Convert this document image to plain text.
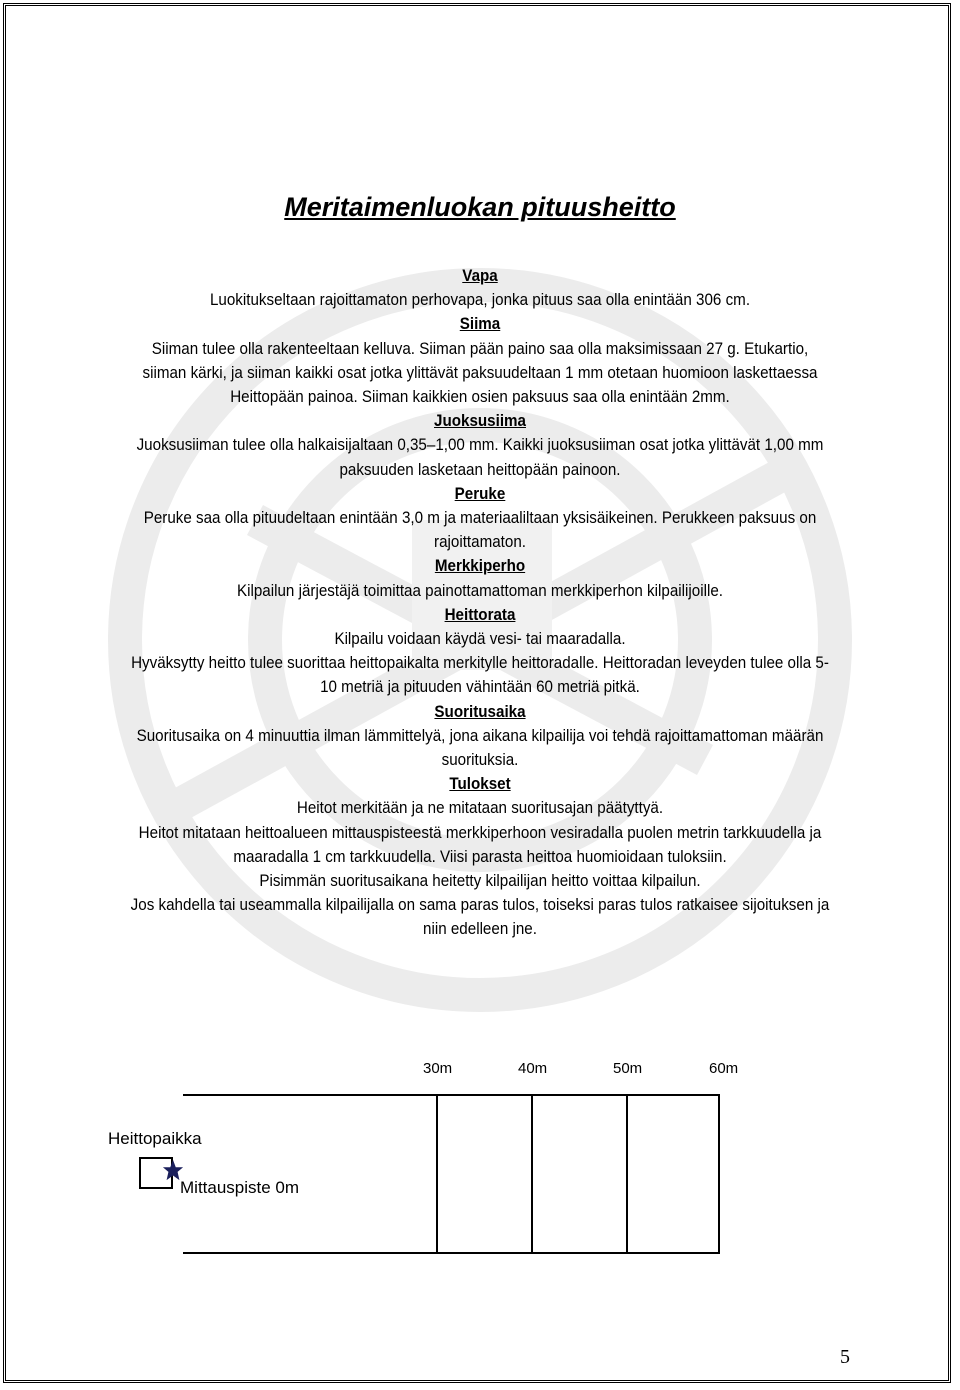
Meritaimenluokan pituusheitto
Vapa
Luokitukseltaan rajoittamaton perhovapa, jonka pituus saa olla enintään 306 cm.
Siima
Siiman tulee olla rakenteeltaan kelluva. Siiman pään paino saa olla maksimissaan 27 g. Etukartio, siiman kärki, ja siiman kaikki osat jotka ylittävät paksuudeltaan 1 mm otetaan huomioon laskettaessa Heittopään painoa. Siiman kaikkien osien paksuus saa olla enintään 2mm.
Juoksusiima
Juoksusiiman tulee olla halkaisijaltaan 0,35–1,00 mm. Kaikki juoksusiiman osat jotka ylittävät 1,00 mm paksuuden lasketaan heittopään painoon.
Peruke
Peruke saa olla pituudeltaan enintään 3,0 m ja materiaaliltaan yksisäikeinen. Perukkeen paksuus on rajoittamaton.
Merkkiperho
Kilpailun järjestäjä toimittaa painottamattoman merkkiperhon kilpailijoille.
Heittorata
Kilpailu voidaan käydä vesi- tai maaradalla.
Hyväksytty heitto tulee suorittaa heittopaikalta merkitylle heittoradalle. Heittoradan leveyden tulee olla 5-10 metriä ja pituuden vähintään 60 metriä pitkä.
Suoritusaika
Suoritusaika on 4 minuuttia ilman lämmittelyä, jona aikana kilpailija voi tehdä rajoittamattoman määrän suorituksia.
Tulokset
Heitot merkitään ja ne mitataan suoritusajan päätyttyä.
Heitot mitataan heittoalueen mittauspisteestä merkkiperhoon vesiradalla puolen metrin tarkkuudella ja maaradalla 1 cm tarkkuudella. Viisi parasta heittoa huomioidaan tuloksiin.
Pisimmän suoritusaikana heitetty kilpailijan heitto voittaa kilpailun.
Jos kahdella tai useammalla kilpailijalla on sama paras tulos, toiseksi paras tulos ratkaisee sijoituksen ja niin edelleen jne.
30m	40m	50m	60m
Heittopaikka
Mittauspiste 0m
5
